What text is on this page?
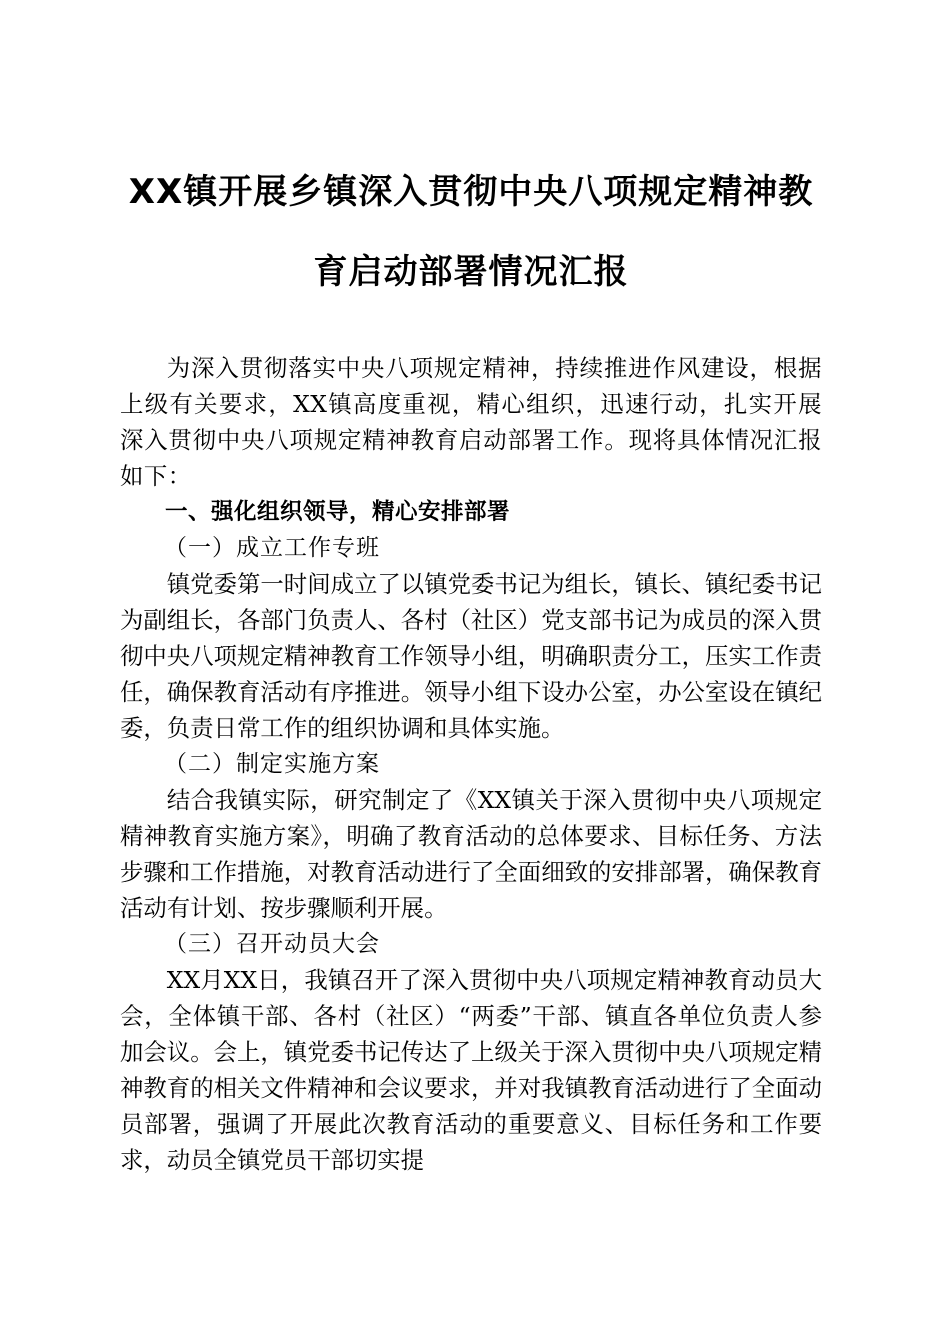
XX镇开展乡镇深入贯彻中央八项规定精神教
育启动部署情况汇报

为深入贯彻落实中央八项规定精神，持续推进作风建设，根据上级有关要求，XX镇高度重视，精心组织，迅速行动，扎实开展深入贯彻中央八项规定精神教育启动部署工作。现将具体情况汇报如下：

一、强化组织领导，精心安排部署
（一）成立工作专班

镇党委第一时间成立了以镇党委书记为组长，镇长、镇纪委书记为副组长，各部门负责人、各村（社区）党支部书记为成员的深入贯彻中央八项规定精神教育工作领导小组，明确职责分工，压实工作责任，确保教育活动有序推进。领导小组下设办公室，办公室设在镇纪委，负责日常工作的组织协调和具体实施。

（二）制定实施方案

结合我镇实际，研究制定了《XX镇关于深入贯彻中央八项规定精神教育实施方案》，明确了教育活动的总体要求、目标任务、方法步骤和工作措施，对教育活动进行了全面细致的安排部署，确保教育活动有计划、按步骤顺利开展。

（三）召开动员大会

XX月XX日，我镇召开了深入贯彻中央八项规定精神教育动员大会，全体镇干部、各村（社区）“两委”干部、镇直各单位负责人参加会议。会上，镇党委书记传达了上级关于深入贯彻中央八项规定精神教育的相关文件精神和会议要求，并对我镇教育活动进行了全面动员部署，强调了开展此次教育活动的重要意义、目标任务和工作要求，动员全镇党员干部切实提
